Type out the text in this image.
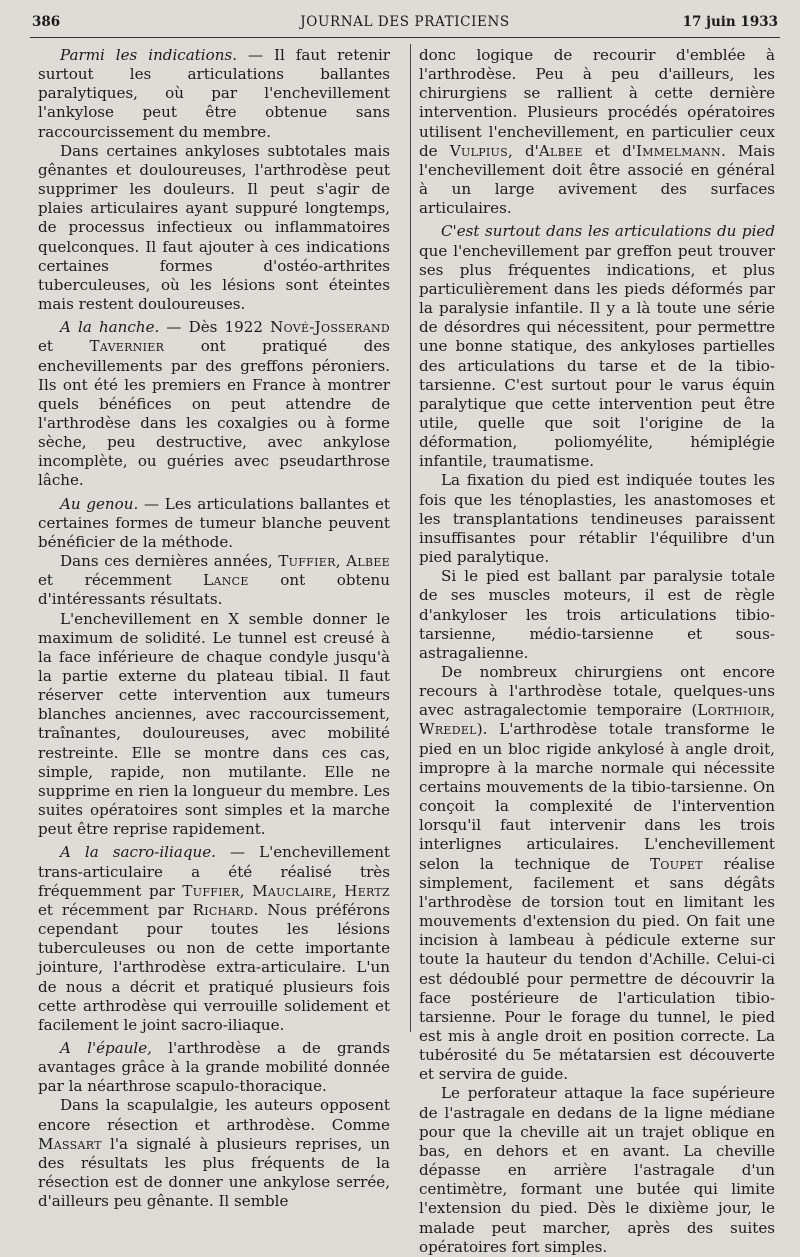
386	JOURNAL DES PRATICIENS	17 juin 1933

Parmi les indications. — Il faut retenir surtout les articulations ballantes paralytiques, où par l'enchevillement l'ankylose peut être obtenue sans raccourcissement du membre.

Dans certaines ankyloses subtotales mais gênantes et douloureuses, l'arthrodèse peut supprimer les douleurs. Il peut s'agir de plaies articulaires ayant suppuré longtemps, de processus infectieux ou inflammatoires quelconques. Il faut ajouter à ces indications certaines formes d'ostéo-arthrites tuberculeuses, où les lésions sont éteintes mais restent douloureuses.

A la hanche. — Dès 1922 Nové-Josserand et Tavernier ont pratiqué des enchevillements par des greffons péroniers. Ils ont été les premiers en France à montrer quels bénéfices on peut attendre de l'arthrodèse dans les coxalgies ou à forme sèche, peu destructive, avec ankylose incomplète, ou guéries avec pseudarthrose lâche.

Au genou. — Les articulations ballantes et certaines formes de tumeur blanche peuvent bénéficier de la méthode.

Dans ces dernières années, Tuffier, Albee et récemment Lance ont obtenu d'intéressants résultats.

L'enchevillement en X semble donner le maximum de solidité. Le tunnel est creusé à la face inférieure de chaque condyle jusqu'à la partie externe du plateau tibial. Il faut réserver cette intervention aux tumeurs blanches anciennes, avec raccourcissement, traînantes, douloureuses, avec mobilité restreinte. Elle se montre dans ces cas, simple, rapide, non mutilante. Elle ne supprime en rien la longueur du membre. Les suites opératoires sont simples et la marche peut être reprise rapidement.

A la sacro-iliaque. — L'enchevillement trans-articulaire a été réalisé très fréquemment par Tuffier, Mauclaire, Hertz et récemment par Richard. Nous préférons cependant pour toutes les lésions tuberculeuses ou non de cette importante jointure, l'arthrodèse extra-articulaire. L'un de nous a décrit et pratiqué plusieurs fois cette arthrodèse qui verrouille solidement et facilement le joint sacro-iliaque.

A l'épaule, l'arthrodèse a de grands avantages grâce à la grande mobilité donnée par la néarthrose scapulo-thoracique.

Dans la scapulalgie, les auteurs opposent encore résection et arthrodèse. Comme Massart l'a signalé à plusieurs reprises, un des résultats les plus fréquents de la résection est de donner une ankylose serrée, d'ailleurs peu gênante. Il semble

donc logique de recourir d'emblée à l'arthrodèse. Peu à peu d'ailleurs, les chirurgiens se rallient à cette dernière intervention. Plusieurs procédés opératoires utilisent l'enchevillement, en particulier ceux de Vulpius, d'Albee et d'Immelmann. Mais l'enchevillement doit être associé en général à un large avivement des surfaces articulaires.

C'est surtout dans les articulations du pied que l'enchevillement par greffon peut trouver ses plus fréquentes indications, et plus particulièrement dans les pieds déformés par la paralysie infantile. Il y a là toute une série de désordres qui nécessitent, pour permettre une bonne statique, des ankyloses partielles des articulations du tarse et de la tibio-tarsienne. C'est surtout pour le varus équin paralytique que cette intervention peut être utile, quelle que soit l'origine de la déformation, poliomyélite, hémiplégie infantile, traumatisme.

La fixation du pied est indiquée toutes les fois que les ténoplasties, les anastomoses et les transplantations tendineuses paraissent insuffisantes pour rétablir l'équilibre d'un pied paralytique.

Si le pied est ballant par paralysie totale de ses muscles moteurs, il est de règle d'ankyloser les trois articulations tibio-tarsienne, médio-tarsienne et sous-astragalienne.

De nombreux chirurgiens ont encore recours à l'arthrodèse totale, quelques-uns avec astragalectomie temporaire (Lorthioir, Wredel). L'arthrodèse totale transforme le pied en un bloc rigide ankylosé à angle droit, impropre à la marche normale qui nécessite certains mouvements de la tibio-tarsienne. On conçoit la complexité de l'intervention lorsqu'il faut intervenir dans les trois interlignes articulaires. L'enchevillement selon la technique de Toupet réalise simplement, facilement et sans dégâts l'arthrodèse de torsion tout en limitant les mouvements d'extension du pied. On fait une incision à lambeau à pédicule externe sur toute la hauteur du tendon d'Achille. Celui-ci est dédoublé pour permettre de découvrir la face postérieure de l'articulation tibio-tarsienne. Pour le forage du tunnel, le pied est mis à angle droit en position correcte. La tubérosité du 5e métatarsien est découverte et servira de guide.

Le perforateur attaque la face supérieure de l'astragale en dedans de la ligne médiane pour que la cheville ait un trajet oblique en bas, en dehors et en avant. La cheville dépasse en arrière l'astragale d'un centimètre, formant une butée qui limite l'extension du pied. Dès le dixième jour, le malade peut marcher, après des suites opératoires fort simples.
